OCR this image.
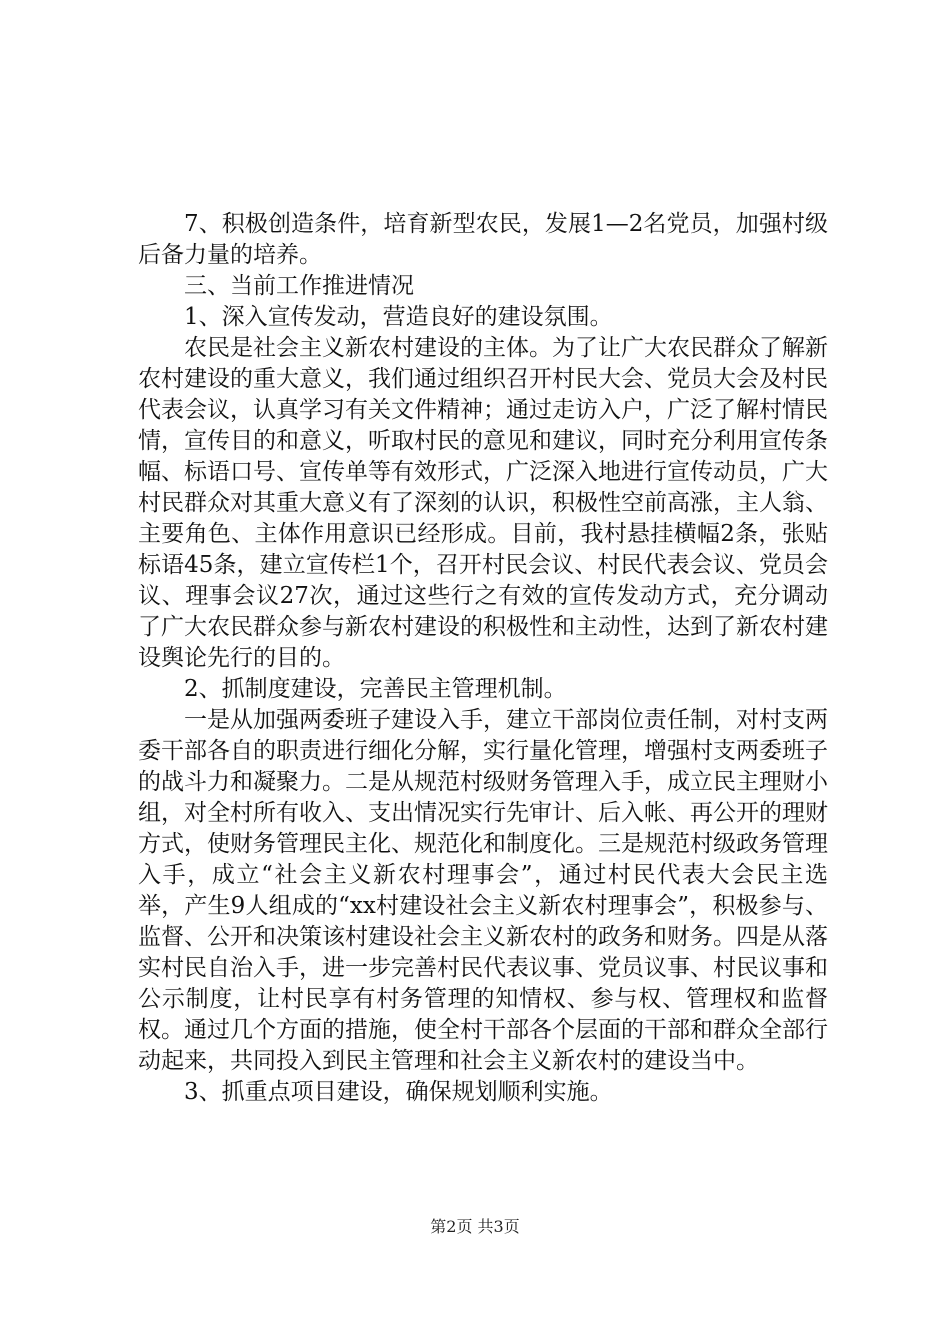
7、积极创造条件，培育新型农民，发展1—2名党员，加强村级后备力量的培养。

三、当前工作推进情况

1、深入宣传发动，营造良好的建设氛围。

农民是社会主义新农村建设的主体。为了让广大农民群众了解新农村建设的重大意义，我们通过组织召开村民大会、党员大会及村民代表会议，认真学习有关文件精神；通过走访入户，广泛了解村情民情，宣传目的和意义，听取村民的意见和建议，同时充分利用宣传条幅、标语口号、宣传单等有效形式，广泛深入地进行宣传动员，广大村民群众对其重大意义有了深刻的认识，积极性空前高涨，主人翁、主要角色、主体作用意识已经形成。目前，我村悬挂横幅2条，张贴标语45条，建立宣传栏1个，召开村民会议、村民代表会议、党员会议、理事会议27次，通过这些行之有效的宣传发动方式，充分调动了广大农民群众参与新农村建设的积极性和主动性，达到了新农村建设舆论先行的目的。

2、抓制度建设，完善民主管理机制。

一是从加强两委班子建设入手，建立干部岗位责任制，对村支两委干部各自的职责进行细化分解，实行量化管理，增强村支两委班子的战斗力和凝聚力。二是从规范村级财务管理入手，成立民主理财小组，对全村所有收入、支出情况实行先审计、后入帐、再公开的理财方式，使财务管理民主化、规范化和制度化。三是规范村级政务管理入手，成立“社会主义新农村理事会”，通过村民代表大会民主选举，产生9人组成的“xx村建设社会主义新农村理事会”，积极参与、监督、公开和决策该村建设社会主义新农村的政务和财务。四是从落实村民自治入手，进一步完善村民代表议事、党员议事、村民议事和公示制度，让村民享有村务管理的知情权、参与权、管理权和监督权。通过几个方面的措施，使全村干部各个层面的干部和群众全部行动起来，共同投入到民主管理和社会主义新农村的建设当中。

3、抓重点项目建设，确保规划顺利实施。

第2页 共3页
